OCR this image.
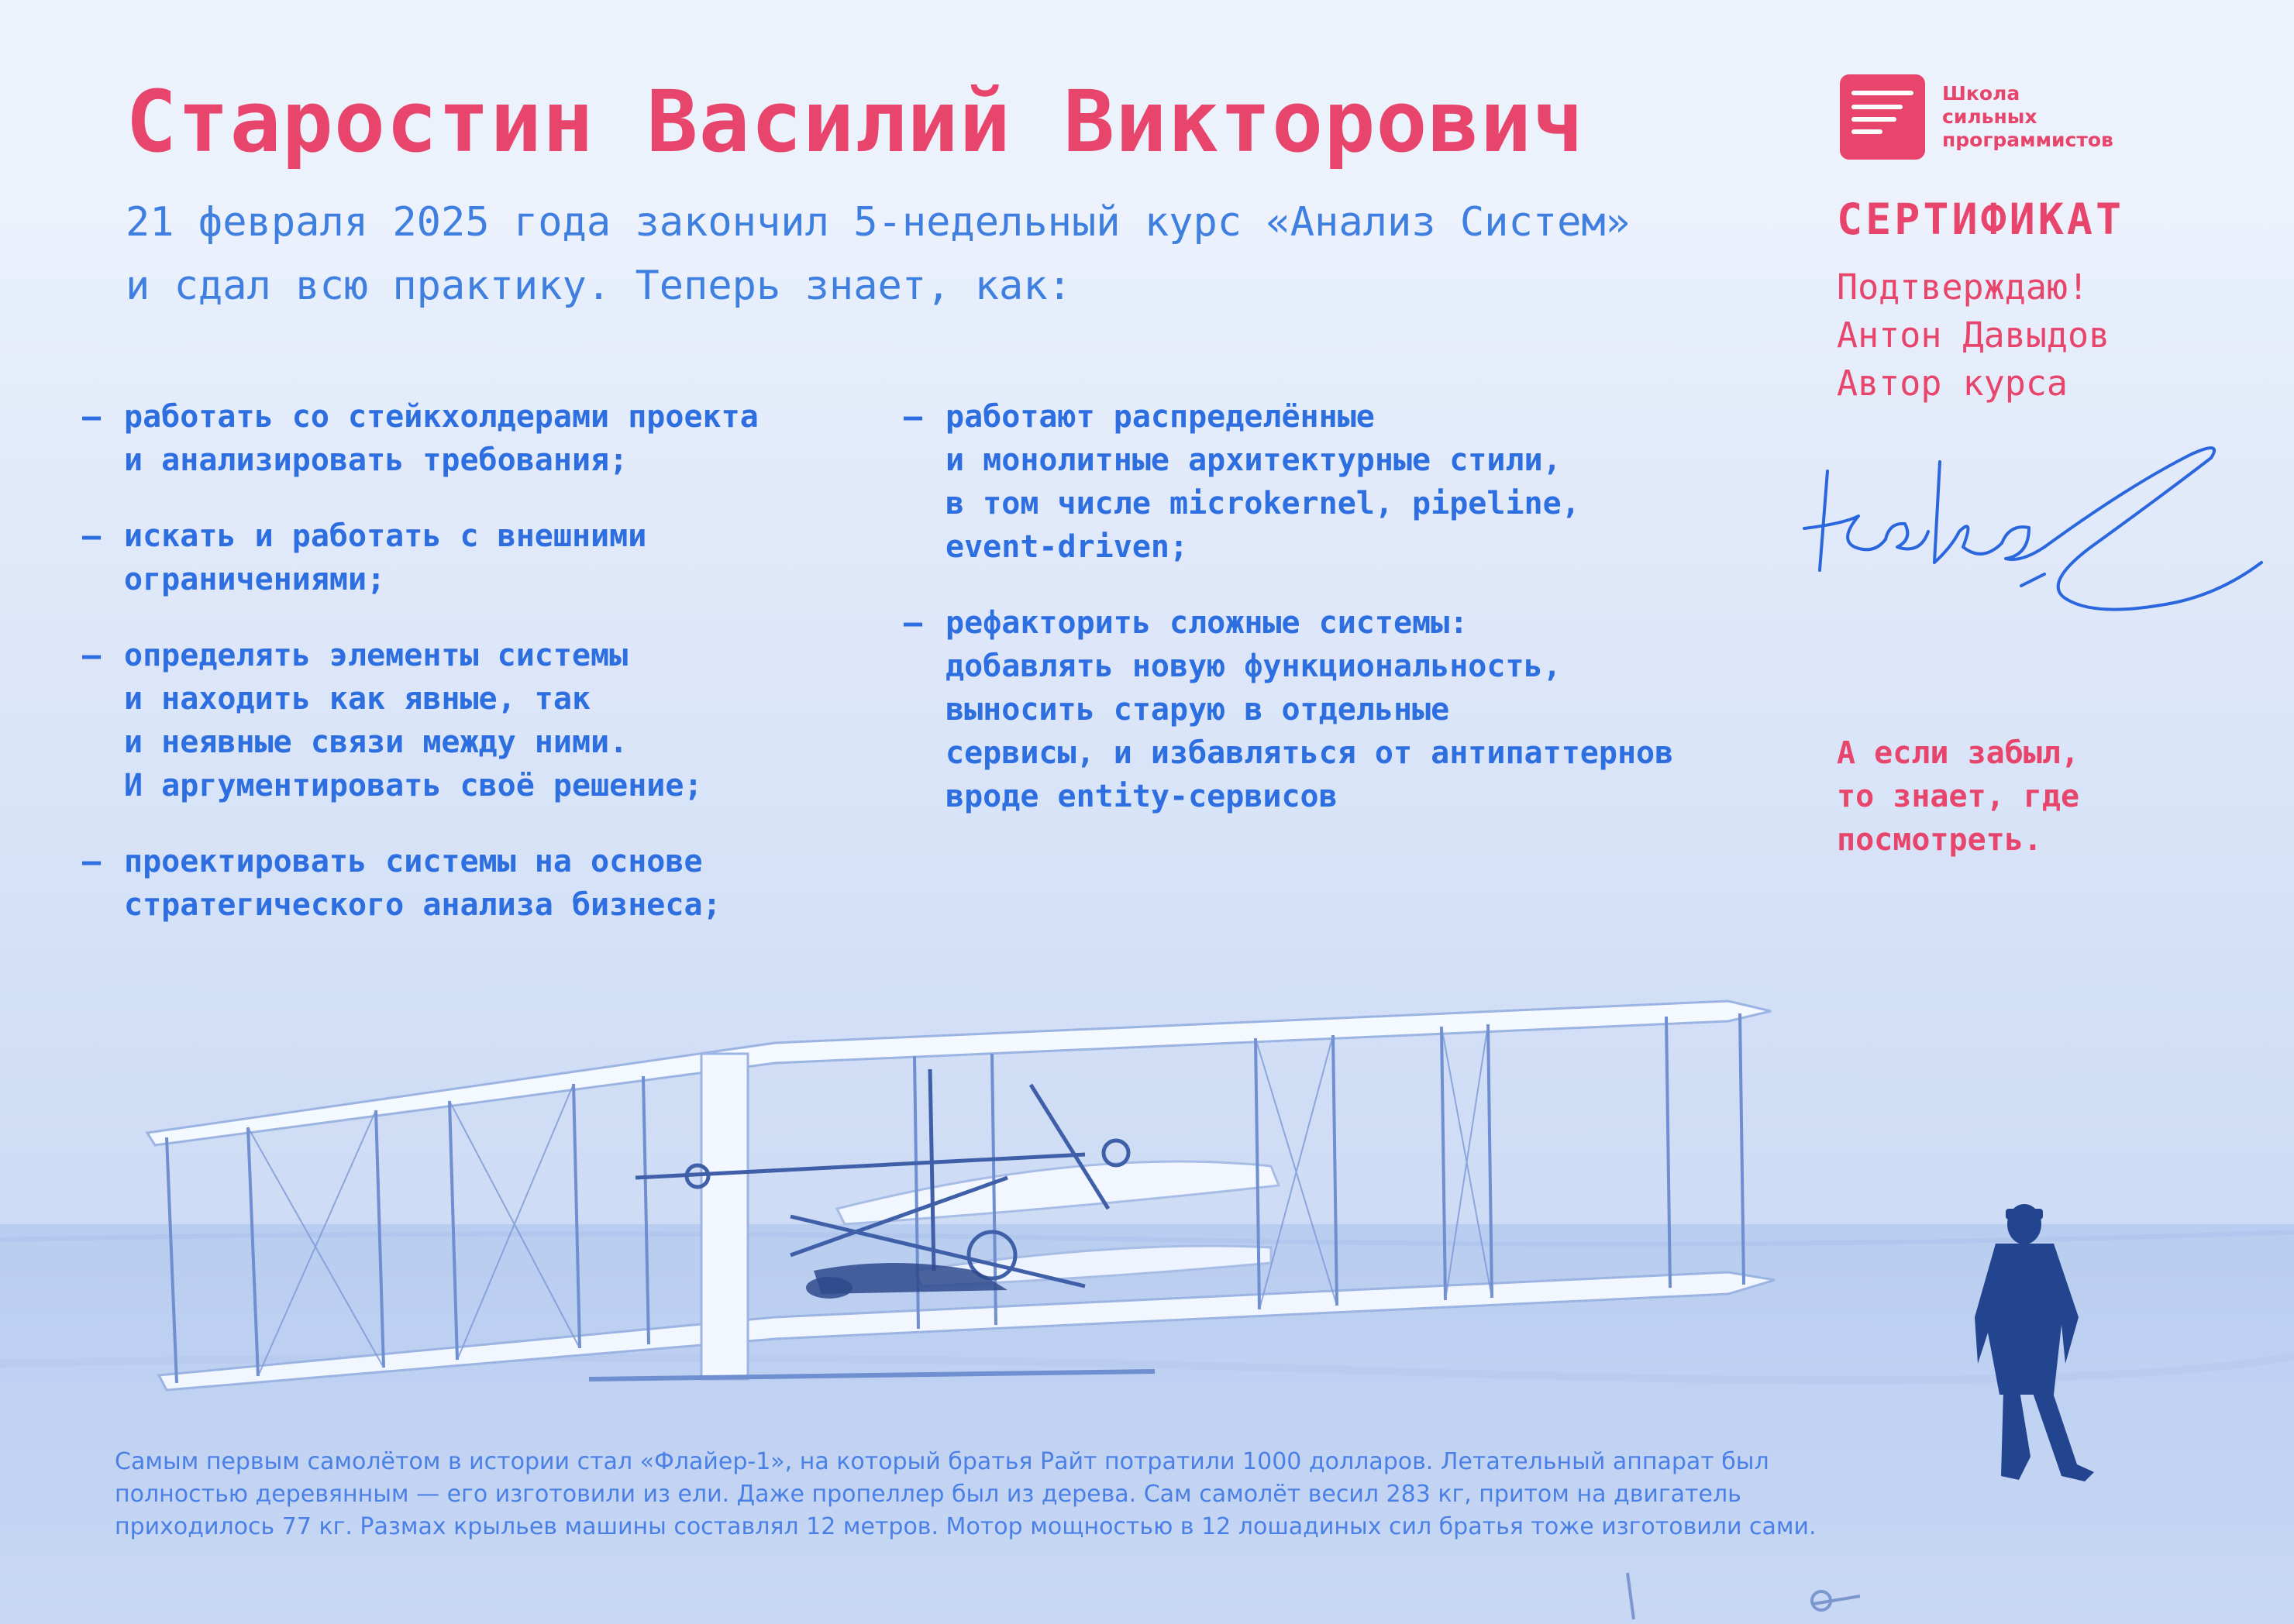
Старостин Василий Викторович
21 февраля 2025 года закончил 5-недельный курс «Анализ Систем»
и сдал всю практику. Теперь знает, как:
– работать со стейкхолдерами проекта
и анализировать требования;
– искать и работать с внешними
ограничениями;
– определять элементы системы
и находить как явные, так
и неявные связи между ними.
И аргументировать своё решение;
– проектировать системы на основе
стратегического анализа бизнеса;
– работают распределённые
и монолитные архитектурные стили,
в том числе microkernel, pipeline,
event-driven;
– рефакторить сложные системы:
добавлять новую функциональность,
выносить старую в отдельные
сервисы, и избавляться от антипаттернов
вроде entity-сервисов
Школа
сильных
программистов
СЕРТИФИКАТ
Подтверждаю!
Антон Давыдов
Автор курса
А если забыл,
то знает, где
посмотреть.
Самым первым самолётом в истории стал «Флайер-1», на который братья Райт потратили 1000 долларов. Летательный аппарат был
полностью деревянным — его изготовили из ели. Даже пропеллер был из дерева. Сам самолёт весил 283 кг, притом на двигатель
приходилось 77 кг. Размах крыльев машины составлял 12 метров. Мотор мощностью в 12 лошадиных сил братья тоже изготовили сами.
